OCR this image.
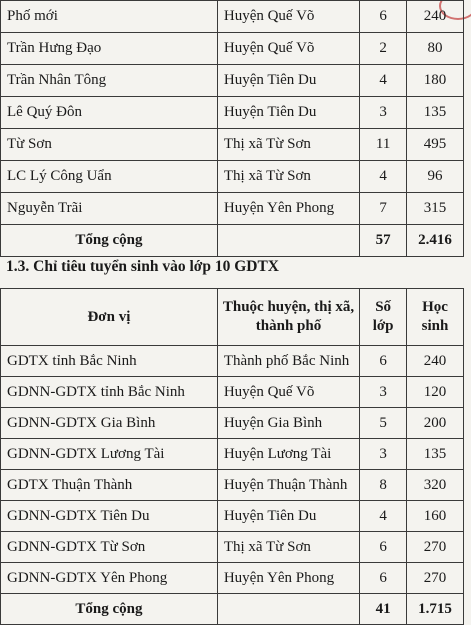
Phố mới	Huyện Quế Võ	6	240
Trần Hưng Đạo	Huyện Quế Võ	2	80
Trần Nhân Tông	Huyện Tiên Du	4	180
Lê Quý Đôn	Huyện Tiên Du	3	135
Từ Sơn	Thị xã Từ Sơn	11	495
LC Lý Công Uẩn	Thị xã Từ Sơn	4	96
Nguyễn Trãi	Huyện Yên Phong	7	315
Tổng cộng		57	2.416
1.3. Chỉ tiêu tuyển sinh vào lớp 10 GDTX
Đơn vị	Thuộc huyện, thị xã, thành phố	Số lớp	Học sinh
GDTX tỉnh Bắc Ninh	Thành phố Bắc Ninh	6	240
GDNN-GDTX tỉnh Bắc Ninh	Huyện Quế Võ	3	120
GDNN-GDTX Gia Bình	Huyện Gia Bình	5	200
GDNN-GDTX Lương Tài	Huyện Lương Tài	3	135
GDTX Thuận Thành	Huyện Thuận Thành	8	320
GDNN-GDTX Tiên Du	Huyện Tiên Du	4	160
GDNN-GDTX Từ Sơn	Thị xã Từ Sơn	6	270
GDNN-GDTX Yên Phong	Huyện Yên Phong	6	270
Tổng cộng		41	1.715
